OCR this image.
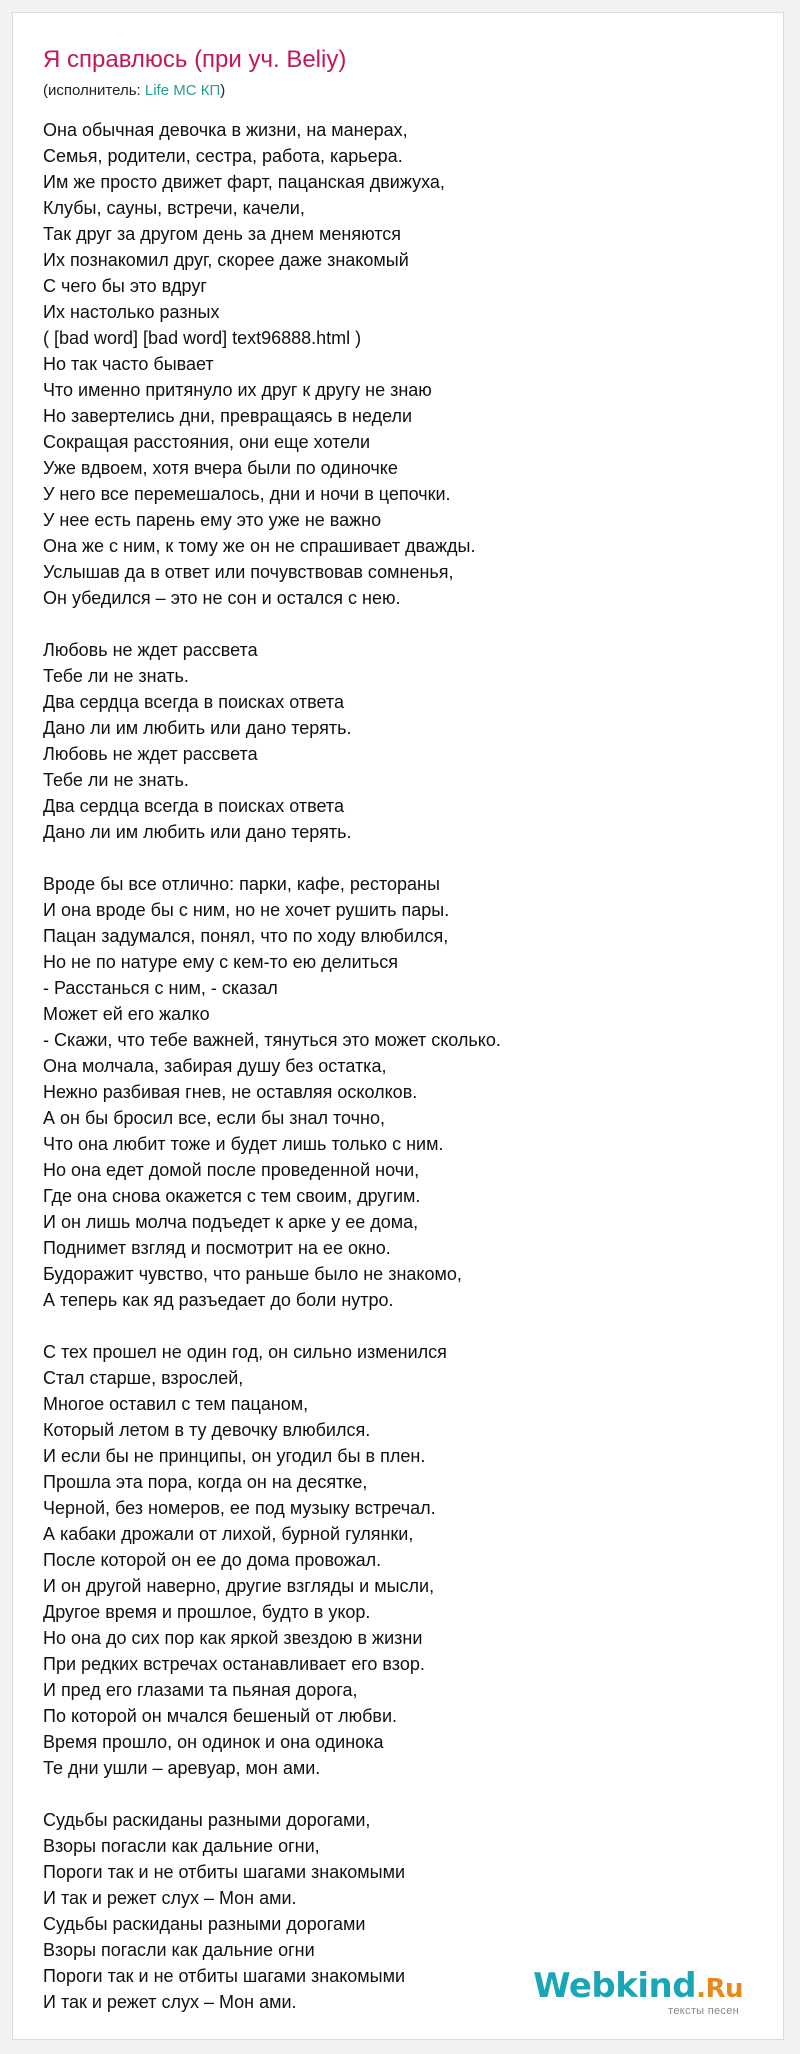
Я справлюсь (при уч. Beliy)
(исполнитель: Life MC КП)
Она обычная девочка в жизни, на манерах,
Семья, родители, сестра, работа, карьера.
Им же просто движет фарт, пацанская движуха,
Клубы, сауны, встречи, качели,
Так друг за другом день за днем меняются
Их познакомил друг, скорее даже знакомый
С чего бы это вдруг
Их настолько разных
( [bad word] [bad word] text96888.html )
Но так часто бывает
Что именно притянуло их друг к другу не знаю
Но завертелись дни, превращаясь в недели
Сокращая расстояния, они еще хотели
Уже вдвоем, хотя вчера были по одиночке
У него все перемешалось, дни и ночи в цепочки.
У нее есть парень ему это уже не важно
Она же с ним, к тому же он не спрашивает дважды.
Услышав да в ответ или почувствовав сомненья,
Он убедился – это не сон и остался с нею.
Любовь не ждет рассвета
Тебе ли не знать.
Два сердца всегда в поисках ответа
Дано ли им любить или дано терять.
Любовь не ждет рассвета
Тебе ли не знать.
Два сердца всегда в поисках ответа
Дано ли им любить или дано терять.
Вроде бы все отлично: парки, кафе, рестораны
И она вроде бы с ним, но не хочет рушить пары.
Пацан задумался, понял, что по ходу влюбился,
Но не по натуре ему с кем-то ею делиться
- Расстанься с ним, - сказал
Может ей его жалко
- Скажи, что тебе важней, тянуться это может сколько.
Она молчала, забирая душу без остатка,
Нежно разбивая гнев, не оставляя осколков.
А он бы бросил все, если бы знал точно,
Что она любит тоже и будет лишь только с ним.
Но она едет домой после проведенной ночи,
Где она снова окажется с тем своим, другим.
И он лишь молча подъедет к арке у ее дома,
Поднимет взгляд и посмотрит на ее окно.
Будоражит чувство, что раньше было не знакомо,
А теперь как яд разъедает до боли нутро.
С тех прошел не один год, он сильно изменился
Стал старше, взрослей,
Многое оставил с тем пацаном,
Который летом в ту девочку влюбился.
И если бы не принципы, он угодил бы в плен.
Прошла эта пора, когда он на десятке,
Черной, без номеров, ее под музыку встречал.
А кабаки дрожали от лихой, бурной гулянки,
После которой он ее до дома провожал.
И он другой наверно, другие взгляды и мысли,
Другое время и прошлое, будто в укор.
Но она до сих пор как яркой звездою в жизни
При редких встречах останавливает его взор.
И пред его глазами та пьяная дорога,
По которой он мчался бешеный от любви.
Время прошло, он одинок и она одинока
Те дни ушли – аревуар, мон ами.
Судьбы раскиданы разными дорогами,
Взоры погасли как дальние огни,
Пороги так и не отбиты шагами знакомыми
И так и режет слух – Мон ами.
Судьбы раскиданы разными дорогами
Взоры погасли как дальние огни
Пороги так и не отбиты шагами знакомыми
И так и режет слух – Мон ами.	Webkind.Ru
тексты песен
